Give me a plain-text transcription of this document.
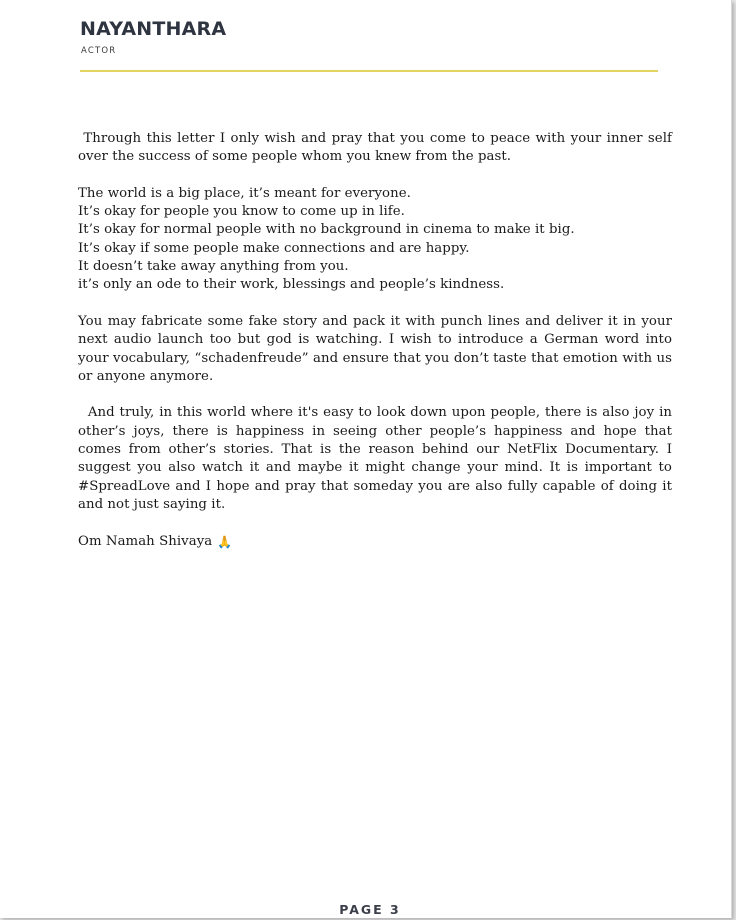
NAYANTHARA
ACTOR

Through this letter I only wish and pray that you come to peace with your inner self over the success of some people whom you knew from the past.

The world is a big place, it’s meant for everyone.
It’s okay for people you know to come up in life.
It’s okay for normal people with no background in cinema to make it big.
It’s okay if some people make connections and are happy.
It doesn’t take away anything from you.
it’s only an ode to their work, blessings and people’s kindness.

You may fabricate some fake story and pack it with punch lines and deliver it in your next audio launch too but god is watching. I wish to introduce a German word into your vocabulary, “schadenfreude” and ensure that you don’t taste that emotion with us or anyone anymore.

And truly, in this world where it's easy to look down upon people, there is also joy in other’s joys, there is happiness in seeing other people’s happiness and hope that comes from other’s stories. That is the reason behind our NetFlix Documentary. I suggest you also watch it and maybe it might change your mind. It is important to #SpreadLove and I hope and pray that someday you are also fully capable of doing it and not just saying it.

Om Namah Shivaya 🙏

PAGE 3
